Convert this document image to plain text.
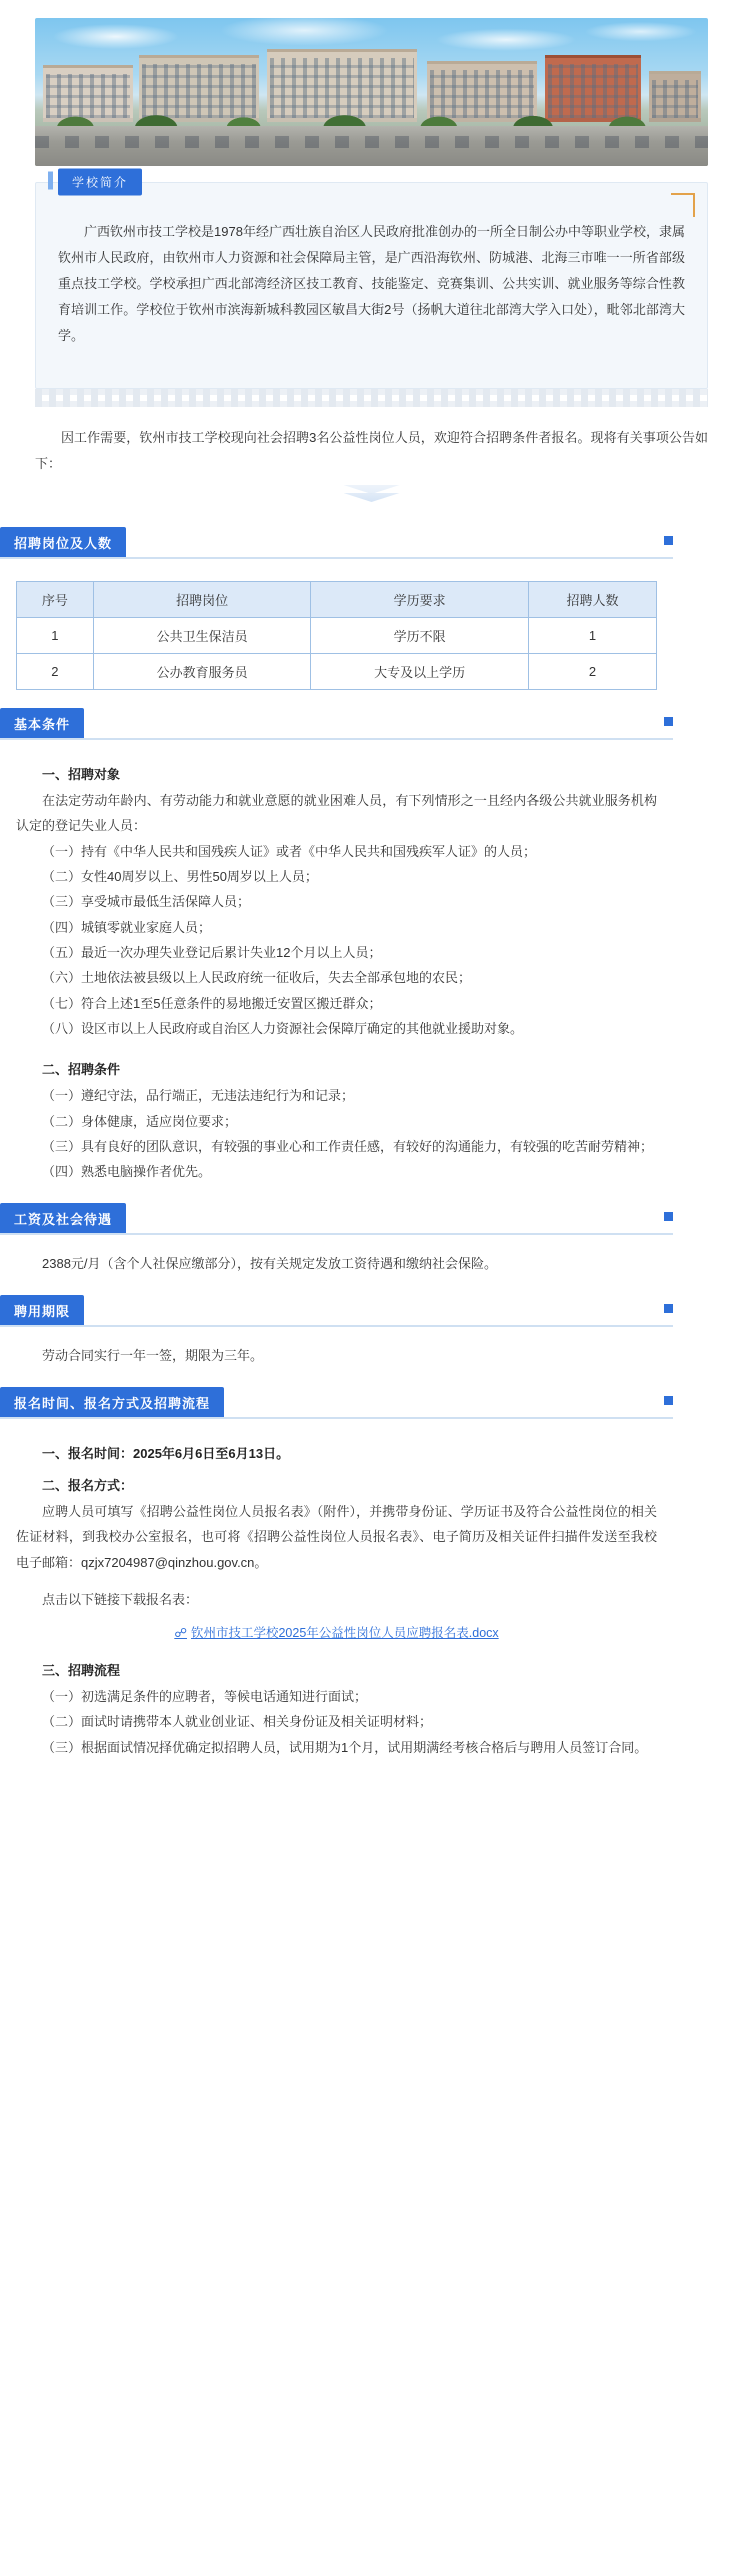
学校简介

广西钦州市技工学校是1978年经广西壮族自治区人民政府批准创办的一所全日制公办中等职业学校，隶属钦州市人民政府，由钦州市人力资源和社会保障局主管，是广西沿海钦州、防城港、北海三市唯一一所省部级重点技工学校。学校承担广西北部湾经济区技工教育、技能鉴定、竞赛集训、公共实训、就业服务等综合性教育培训工作。学校位于钦州市滨海新城科教园区敏昌大街2号（扬帆大道往北部湾大学入口处），毗邻北部湾大学。

因工作需要，钦州市技工学校现向社会招聘3名公益性岗位人员，欢迎符合招聘条件者报名。现将有关事项公告如下：

招聘岗位及人数
序号	招聘岗位	学历要求	招聘人数
1	公共卫生保洁员	学历不限	1
2	公办教育服务员	大专及以上学历	2
基本条件

一、招聘对象

在法定劳动年龄内、有劳动能力和就业意愿的就业困难人员，有下列情形之一且经内各级公共就业服务机构认定的登记失业人员：

（一）持有《中华人民共和国残疾人证》或者《中华人民共和国残疾军人证》的人员；

（二）女性40周岁以上、男性50周岁以上人员；

（三）享受城市最低生活保障人员；

（四）城镇零就业家庭人员；

（五）最近一次办理失业登记后累计失业12个月以上人员；

（六）土地依法被县级以上人民政府统一征收后，失去全部承包地的农民；

（七）符合上述1至5任意条件的易地搬迁安置区搬迁群众；

（八）设区市以上人民政府或自治区人力资源社会保障厅确定的其他就业援助对象。

二、招聘条件

（一）遵纪守法，品行端正，无违法违纪行为和记录；

（二）身体健康，适应岗位要求；

（三）具有良好的团队意识，有较强的事业心和工作责任感，有较好的沟通能力，有较强的吃苦耐劳精神；

（四）熟悉电脑操作者优先。

工资及社会待遇

2388元/月（含个人社保应缴部分），按有关规定发放工资待遇和缴纳社会保险。

聘用期限

劳动合同实行一年一签，期限为三年。

报名时间、报名方式及招聘流程

一、报名时间：2025年6月6日至6月13日。

二、报名方式：

应聘人员可填写《招聘公益性岗位人员报名表》（附件），并携带身份证、学历证书及符合公益性岗位的相关佐证材料，到我校办公室报名，也可将《招聘公益性岗位人员报名表》、电子简历及相关证件扫描件发送至我校电子邮箱：qzjx7204987@qinzhou.gov.cn。

点击以下链接下载报名表：

☍ 钦州市技工学校2025年公益性岗位人员应聘报名表.docx

三、招聘流程

（一）初选满足条件的应聘者，等候电话通知进行面试；

（二）面试时请携带本人就业创业证、相关身份证及相关证明材料；

（三）根据面试情况择优确定拟招聘人员，试用期为1个月，试用期满经考核合格后与聘用人员签订合同。
